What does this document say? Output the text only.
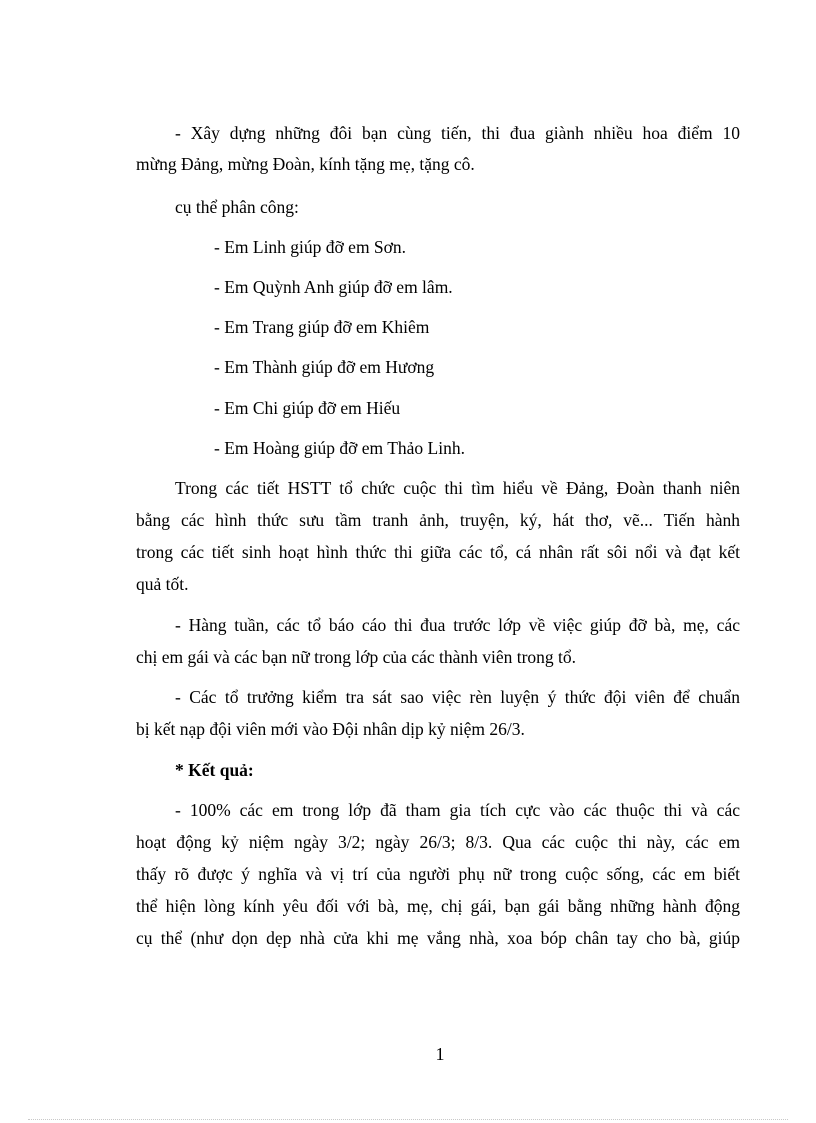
- Xây dựng những đôi bạn cùng tiến, thi đua giành nhiều hoa điểm 10
mừng Đảng, mừng Đoàn, kính tặng mẹ, tặng cô.
cụ thể phân công:
- Em Linh giúp đỡ em Sơn.
- Em Quỳnh Anh giúp đỡ em lâm.
- Em Trang giúp đỡ em Khiêm
- Em Thành giúp đỡ em Hương
- Em Chi giúp đỡ em Hiếu
- Em Hoàng giúp đỡ em Thảo Linh.
Trong các tiết HSTT tổ chức cuộc thi tìm hiểu về Đảng, Đoàn thanh niên
bằng các hình thức sưu tầm tranh ảnh, truyện, ký, hát thơ, vẽ... Tiến hành
trong các tiết sinh hoạt hình thức thi giữa các tổ, cá nhân rất sôi nổi và đạt kết
quả tốt.
- Hàng tuần, các tổ báo cáo thi đua trước lớp về việc giúp đỡ bà, mẹ, các
chị em gái và các bạn nữ trong lớp của các thành viên trong tổ.
- Các tổ trưởng kiểm tra sát sao việc rèn luyện ý thức đội viên để chuẩn
bị kết nạp đội viên mới vào Đội nhân dịp kỷ niệm 26/3.
* Kết quả:
- 100% các em trong lớp đã tham gia tích cực vào các thuộc thi và các
hoạt động kỷ niệm ngày 3/2; ngày 26/3; 8/3. Qua các cuộc thi này, các em
thấy rõ được ý nghĩa và vị trí của người phụ nữ trong cuộc sống, các em biết
thể hiện lòng kính yêu đối với bà, mẹ, chị gái, bạn gái bằng những hành động
cụ thể (như dọn dẹp nhà cửa khi mẹ vắng nhà, xoa bóp chân tay cho bà, giúp
1
